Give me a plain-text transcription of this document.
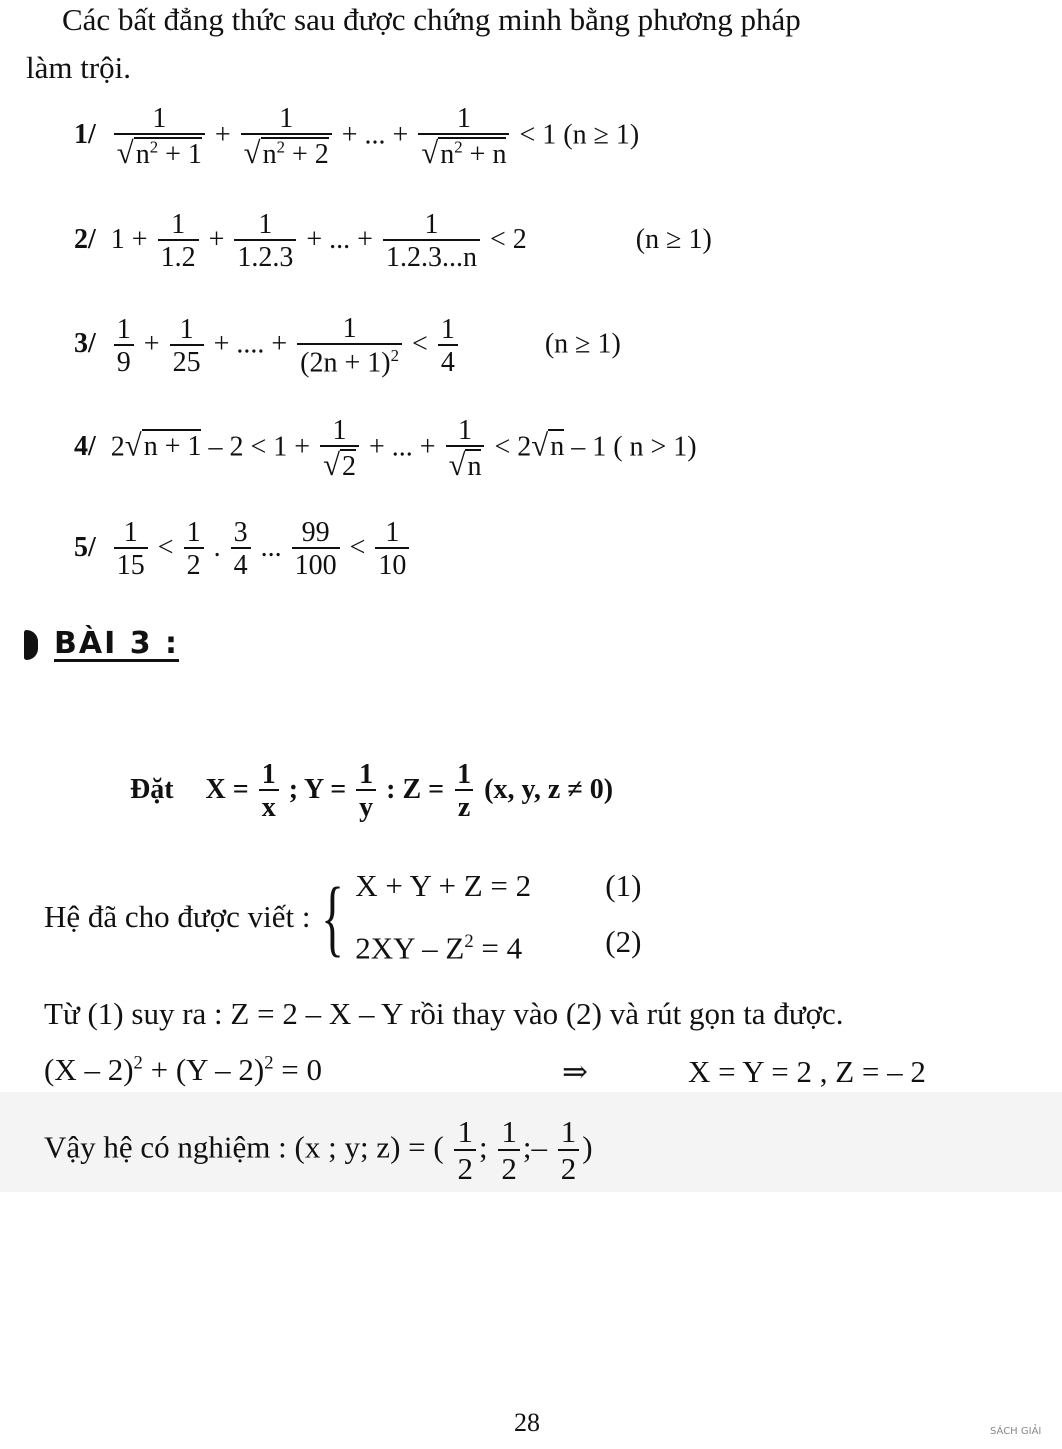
Các bất đẳng thức sau được chứng minh bằng phương pháp
làm trội.
$1/ \frac{1}{√n^2 + 1} + \frac{1}{√n^2 + 2}$ + ... + $\frac{1}{√n^2 + n} < 1$ (n ≥ 1)
2/ $1 + \frac{1}{1.2} + \frac{1}{1.2.3}$ + ... + $\frac{1}{1.2.3...n} < 2$	(n ≥ 1)
$3/ \frac{1}{9} + \frac{1}{25}$ + .... + $\frac{1}{(2n + 1)^2} < \frac{1}{4}$	(n ≥ 1)
4/ $2√n + 1 - 2 < 1 + \frac{1}{√2}$ + ... + $\frac{1}{√n} < 2√n - 1$ ( n > 1)
$5/ \frac{1}{15} < \frac{1}{2}$ . $\frac{3}{4}$ ... $\frac{99}{100} < \frac{1}{10}$
BÀI 3 :
Đặt $X = \frac{1}{x}$ ; $Y = \frac{1}{y}$ : $Z = \frac{1}{z} (x$, y, z ≠ 0)
Hệ đã cho được viết : { X + Y + Z = 2	(1)
$2XY - Z^2 = 4$	(2)
Từ (1) suy ra : Z = 2 – X – Y rồi thay vào (2) và rút gọn ta được.
(X – 2)$^2$ + (Y – 2)$^2$ = 0	⇒	X = Y = 2 , Z = – 2
Vậy hệ có nghiệm : (x ; y; z) = ( $\frac{1}{2}$ ; $\frac{1}{2}$ ;– $\frac{1}{2}$ )
28	SÁCH GIẢI
